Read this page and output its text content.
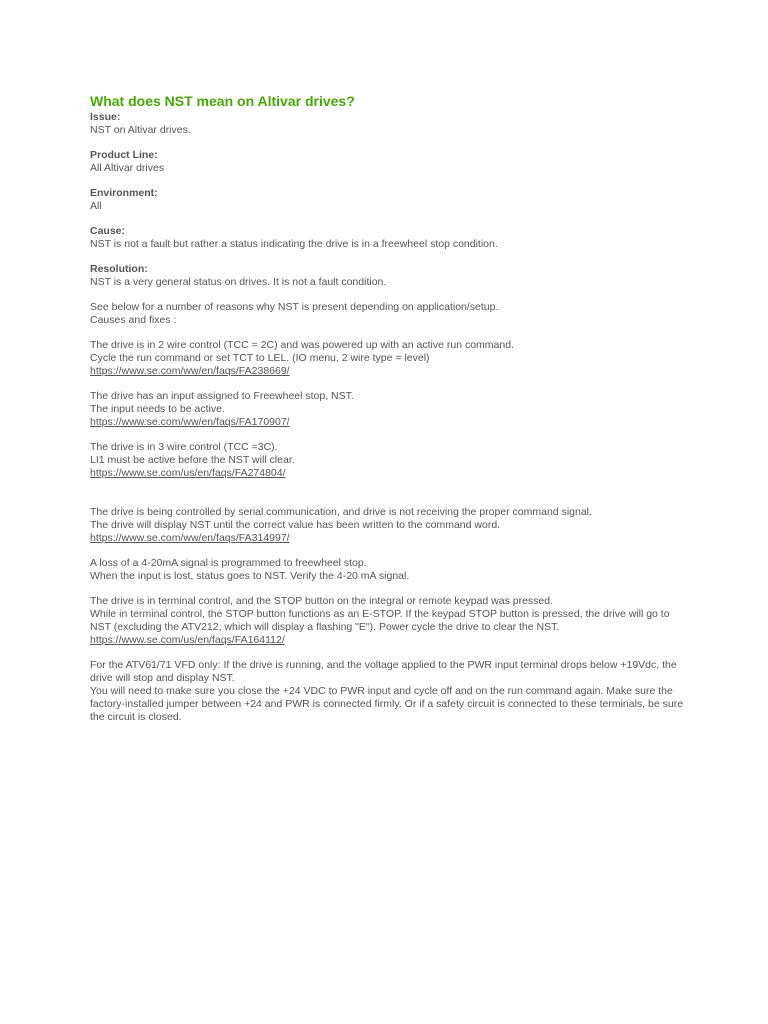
What does NST mean on Altivar drives?
Issue:
NST on Altivar drives.
Product Line:
All Altivar drives
Environment:
All
Cause:
NST is not a fault but rather a status indicating the drive is in a freewheel stop condition.
Resolution:
NST is a very general status on drives. It is not a fault condition.
See below for a number of reasons why NST is present depending on application/setup.
Causes and fixes :
The drive is in 2 wire control (TCC = 2C) and was powered up with an active run command.
Cycle the run command or set TCT to LEL. (IO menu, 2 wire type = level)
https://www.se.com/ww/en/faqs/FA238669/
The drive has an input assigned to Freewheel stop, NST.
The input needs to be active.
https://www.se.com/ww/en/faqs/FA170907/
The drive is in 3 wire control (TCC =3C).
LI1 must be active before the NST will clear.
https://www.se.com/us/en/faqs/FA274804/
The drive is being controlled by serial communication, and drive is not receiving the proper command signal.
The drive will display NST until the correct value has been written to the command word.
https://www.se.com/ww/en/faqs/FA314997/
A loss of a 4-20mA signal is programmed to freewheel stop.
When the input is lost, status goes to NST. Verify the 4-20 mA signal.
The drive is in terminal control, and the STOP button on the integral or remote keypad was pressed.
While in terminal control, the STOP button functions as an E-STOP. If the keypad STOP button is pressed, the drive will go to NST (excluding the ATV212, which will display a flashing "E"). Power cycle the drive to clear the NST.
https://www.se.com/us/en/faqs/FA164112/
For the ATV61/71 VFD only: If the drive is running, and the voltage applied to the PWR input terminal drops below +19Vdc, the drive will stop and display NST.
You will need to make sure you close the +24 VDC to PWR input and cycle off and on the run command again. Make sure the factory-installed jumper between +24 and PWR is connected firmly. Or if a safety circuit is connected to these terminals, be sure the circuit is closed.
